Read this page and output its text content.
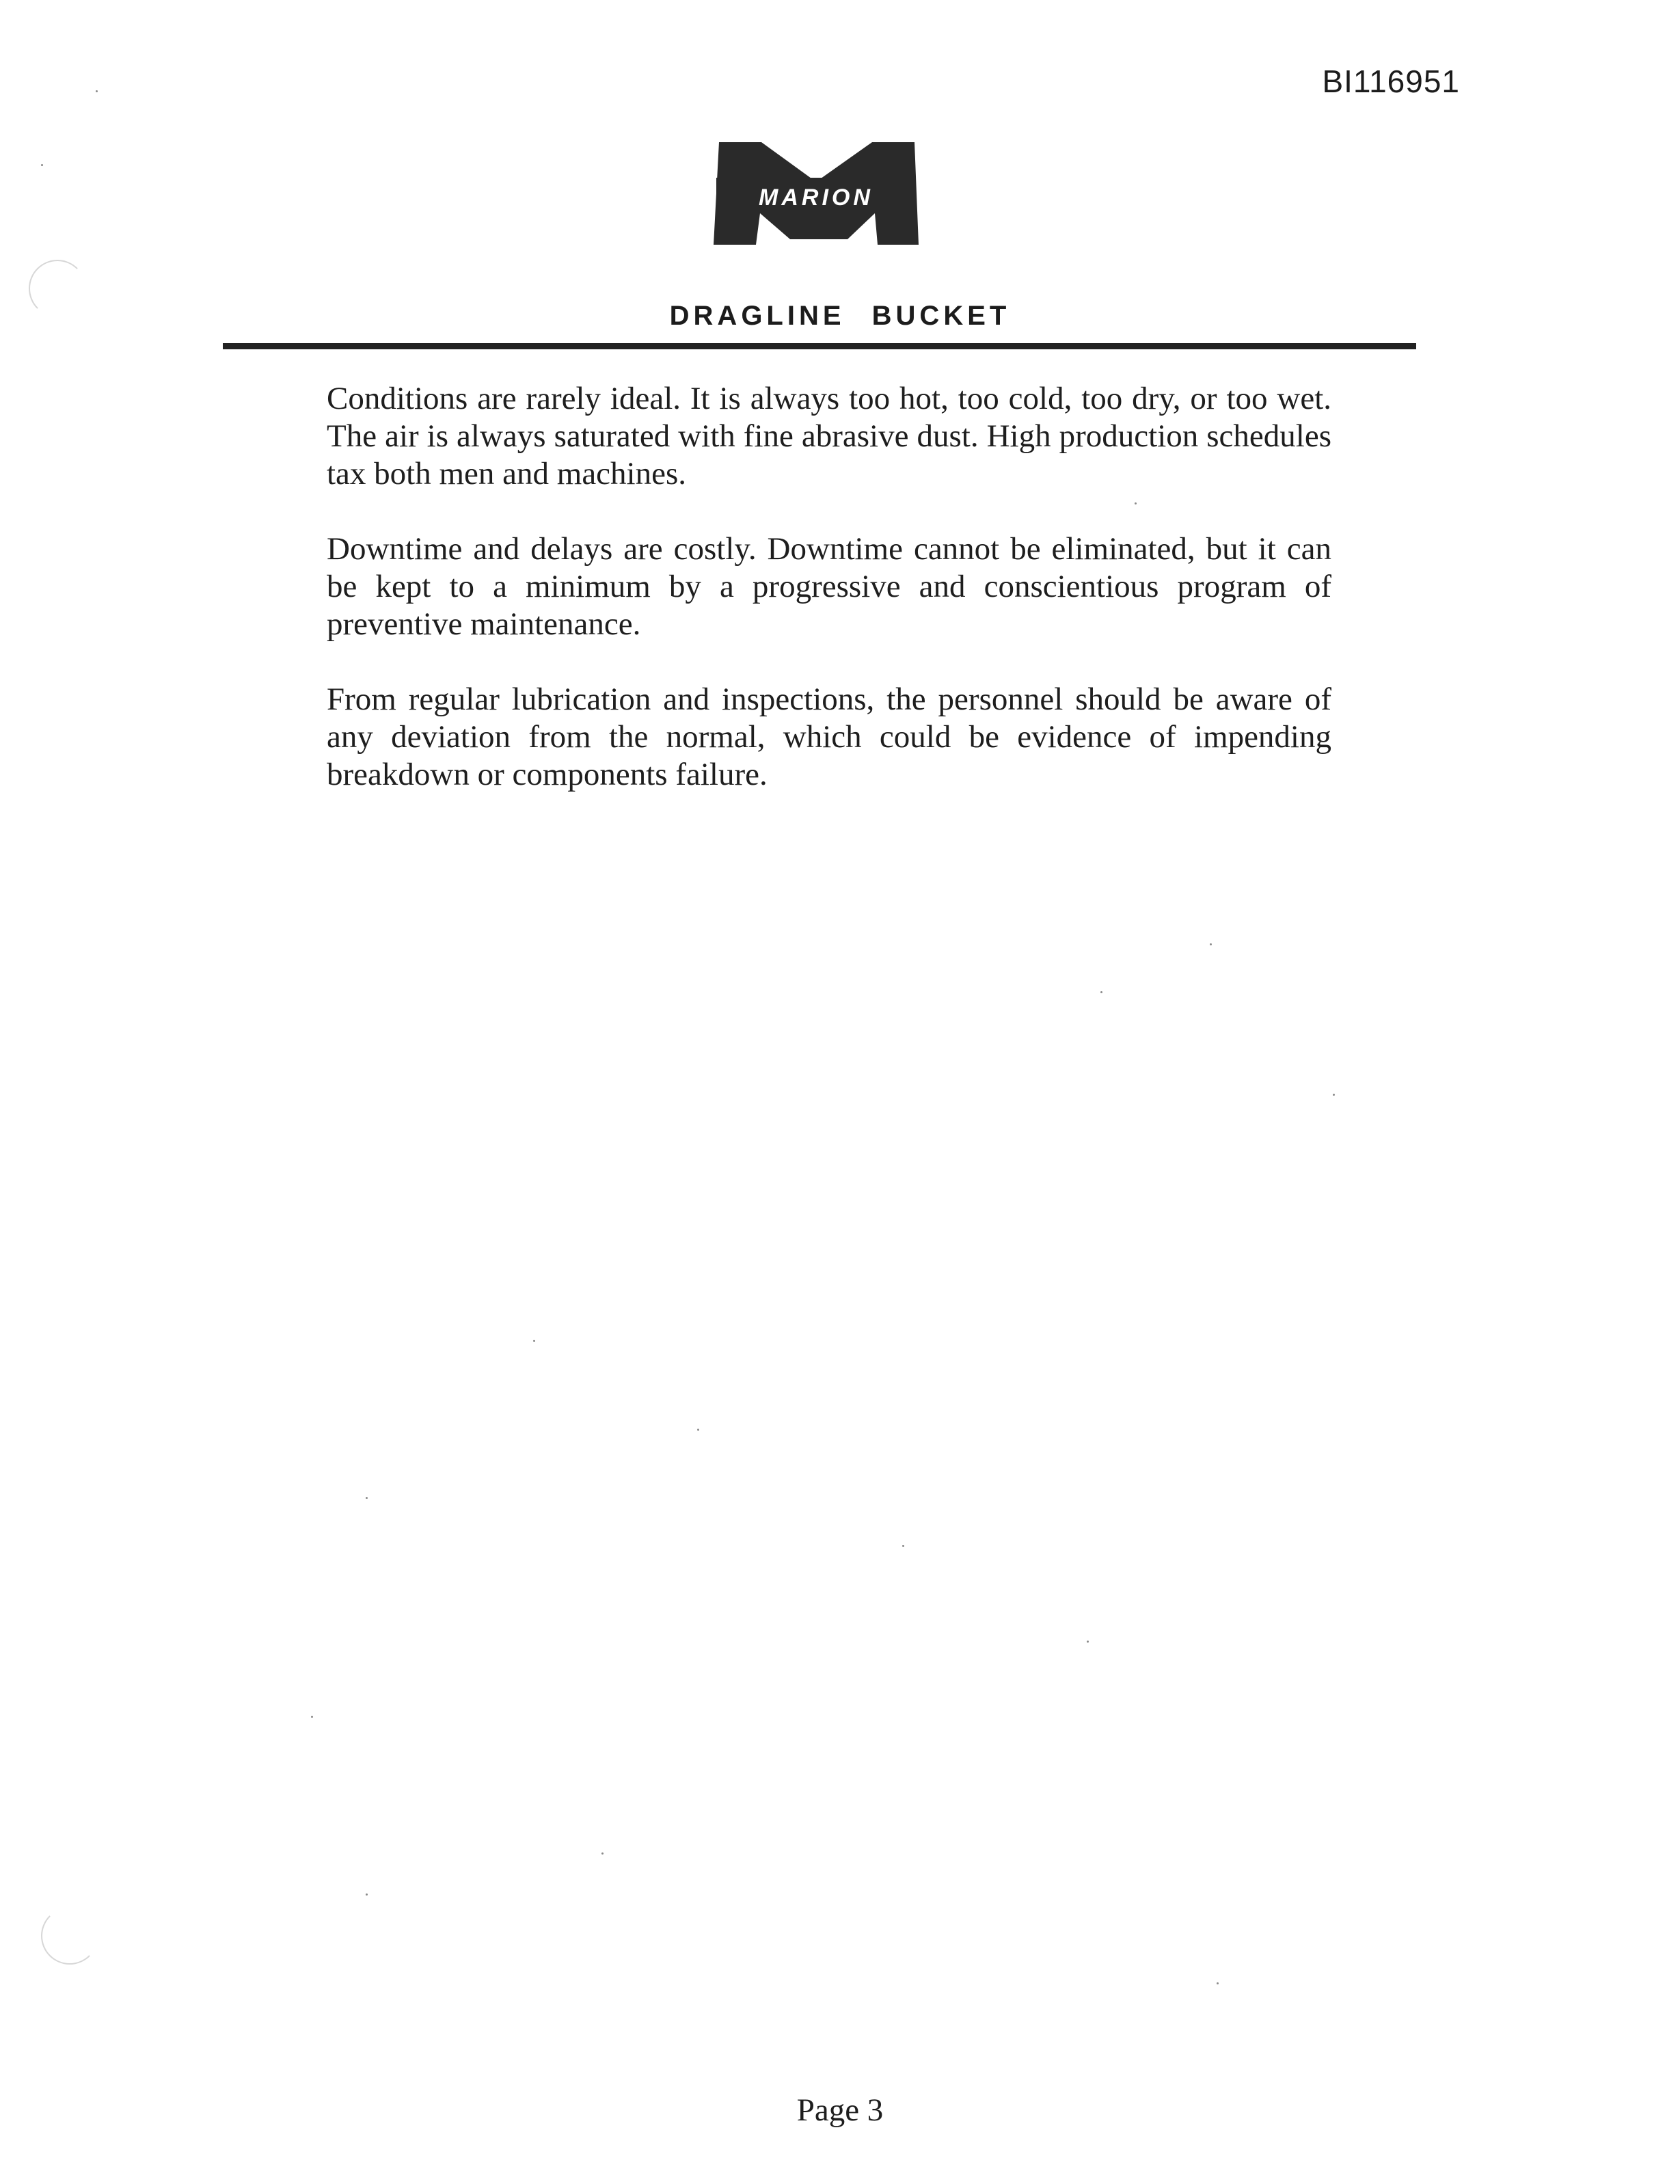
BI116951
MARION
DRAGLINE BUCKET

Conditions are rarely ideal. It is always too hot, too cold, too dry, or too wet. The air is always saturated with fine abrasive dust. High production schedules tax both men and machines.

Downtime and delays are costly. Downtime cannot be eliminated, but it can be kept to a minimum by a progressive and conscientious program of preventive maintenance.

From regular lubrication and inspections, the personnel should be aware of any deviation from the normal, which could be evidence of impending breakdown or components failure.

Page 3
